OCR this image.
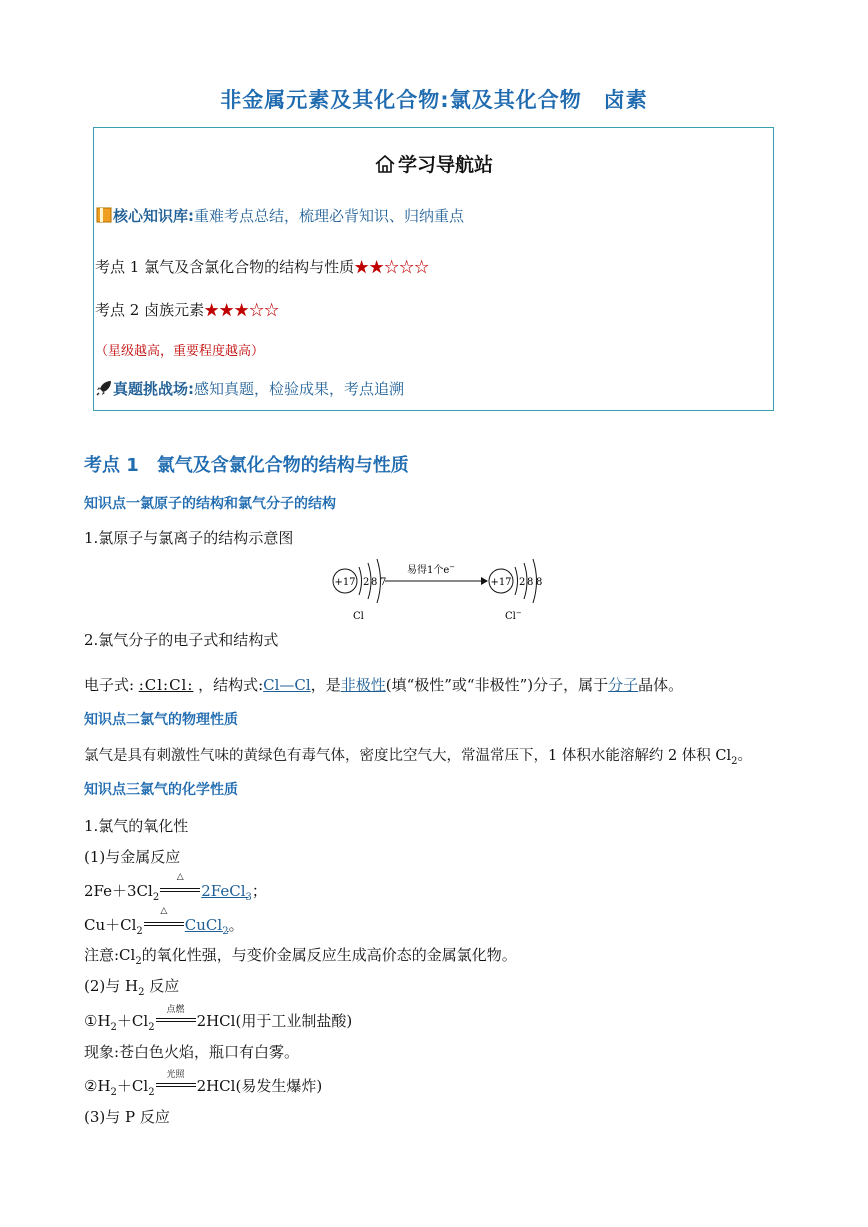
非金属元素及其化合物:氯及其化合物　卤素
学习导航站
核心知识库:重难考点总结，梳理必背知识、归纳重点
考点 1 氯气及含氯化合物的结构与性质★★☆☆☆
考点 2 卤族元素★★★☆☆
（星级越高，重要程度越高）
真题挑战场:感知真题，检验成果，考点追溯
考点 1　氯气及含氯化合物的结构与性质
知识点一氯原子的结构和氯气分子的结构
1.氯原子与氯离子的结构示意图
+17 2 8 7
Cl
易得1个e−
+17 2 8 8
Cl−
2.氯气分子的电子式和结构式
电子式: :Cl:Cl: ，结构式:Cl—Cl，是非极性(填“极性”或“非极性”)分子，属于分子晶体。
知识点二氯气的物理性质
氯气是具有刺激性气味的黄绿色有毒气体，密度比空气大，常温常压下，1 体积水能溶解约 2 体积 $Cl_2$。
知识点三氯气的化学性质
1.氯气的氧化性
(1)与金属反应
$2Fe+3Cl_2$
△
2FeCl$_3$；
$Cu+Cl_2$
△
CuCl$_2$。
注意$:Cl_2$的氧化性强，与变价金属反应生成高价态的金属氯化物。
(2)与 $H_2$ 反应
$①H_2+Cl_2$
点燃
2HCl(用于工业制盐酸)
现象:苍白色火焰，瓶口有白雾。
$②H_2+Cl_2$
光照
2HCl(易发生爆炸)
(3)与 P 反应
